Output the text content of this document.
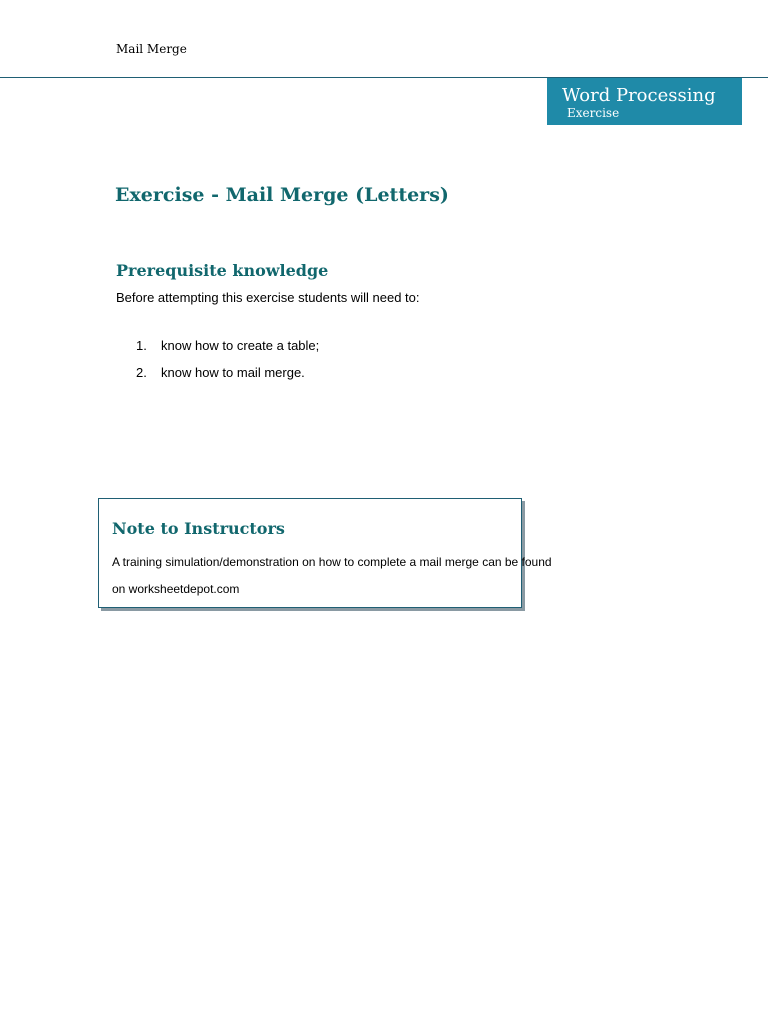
Mail Merge
Word Processing
Exercise
Exercise - Mail Merge (Letters)
Prerequisite knowledge

Before attempting this exercise students will need to:

1. know how to create a table;
2. know how to mail merge.
Note to Instructors

A training simulation/demonstration on how to complete a mail merge can be found

on worksheetdepot.com
